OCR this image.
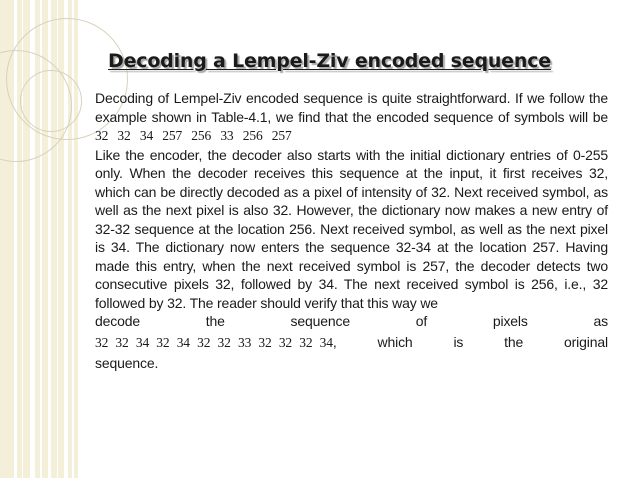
Decoding a Lempel-Ziv encoded sequence

Decoding of Lempel-Ziv encoded sequence is quite straightforward. If we follow the example shown in Table-4.1, we find that the encoded sequence of symbols will be 32 32 34 257 256 33 256 257

Like the encoder, the decoder also starts with the initial dictionary entries of 0-255 only. When the decoder receives this sequence at the input, it first receives 32, which can be directly decoded as a pixel of intensity of 32. Next received symbol, as well as the next pixel is also 32. However, the dictionary now makes a new entry of 32-32 sequence at the location 256. Next received symbol, as well as the next pixel is 34. The dictionary now enters the sequence 32-34 at the location 257. Having made this entry, when the next received symbol is 257, the decoder detects two consecutive pixels 32, followed by 34. The next received symbol is 256, i.e., 32 followed by 32. The reader should verify that this way we

decode	the	sequence	of	pixels	as

32 32 34 32 34 32 32 33 32 32 32 34,	which	is	the	original

sequence.
